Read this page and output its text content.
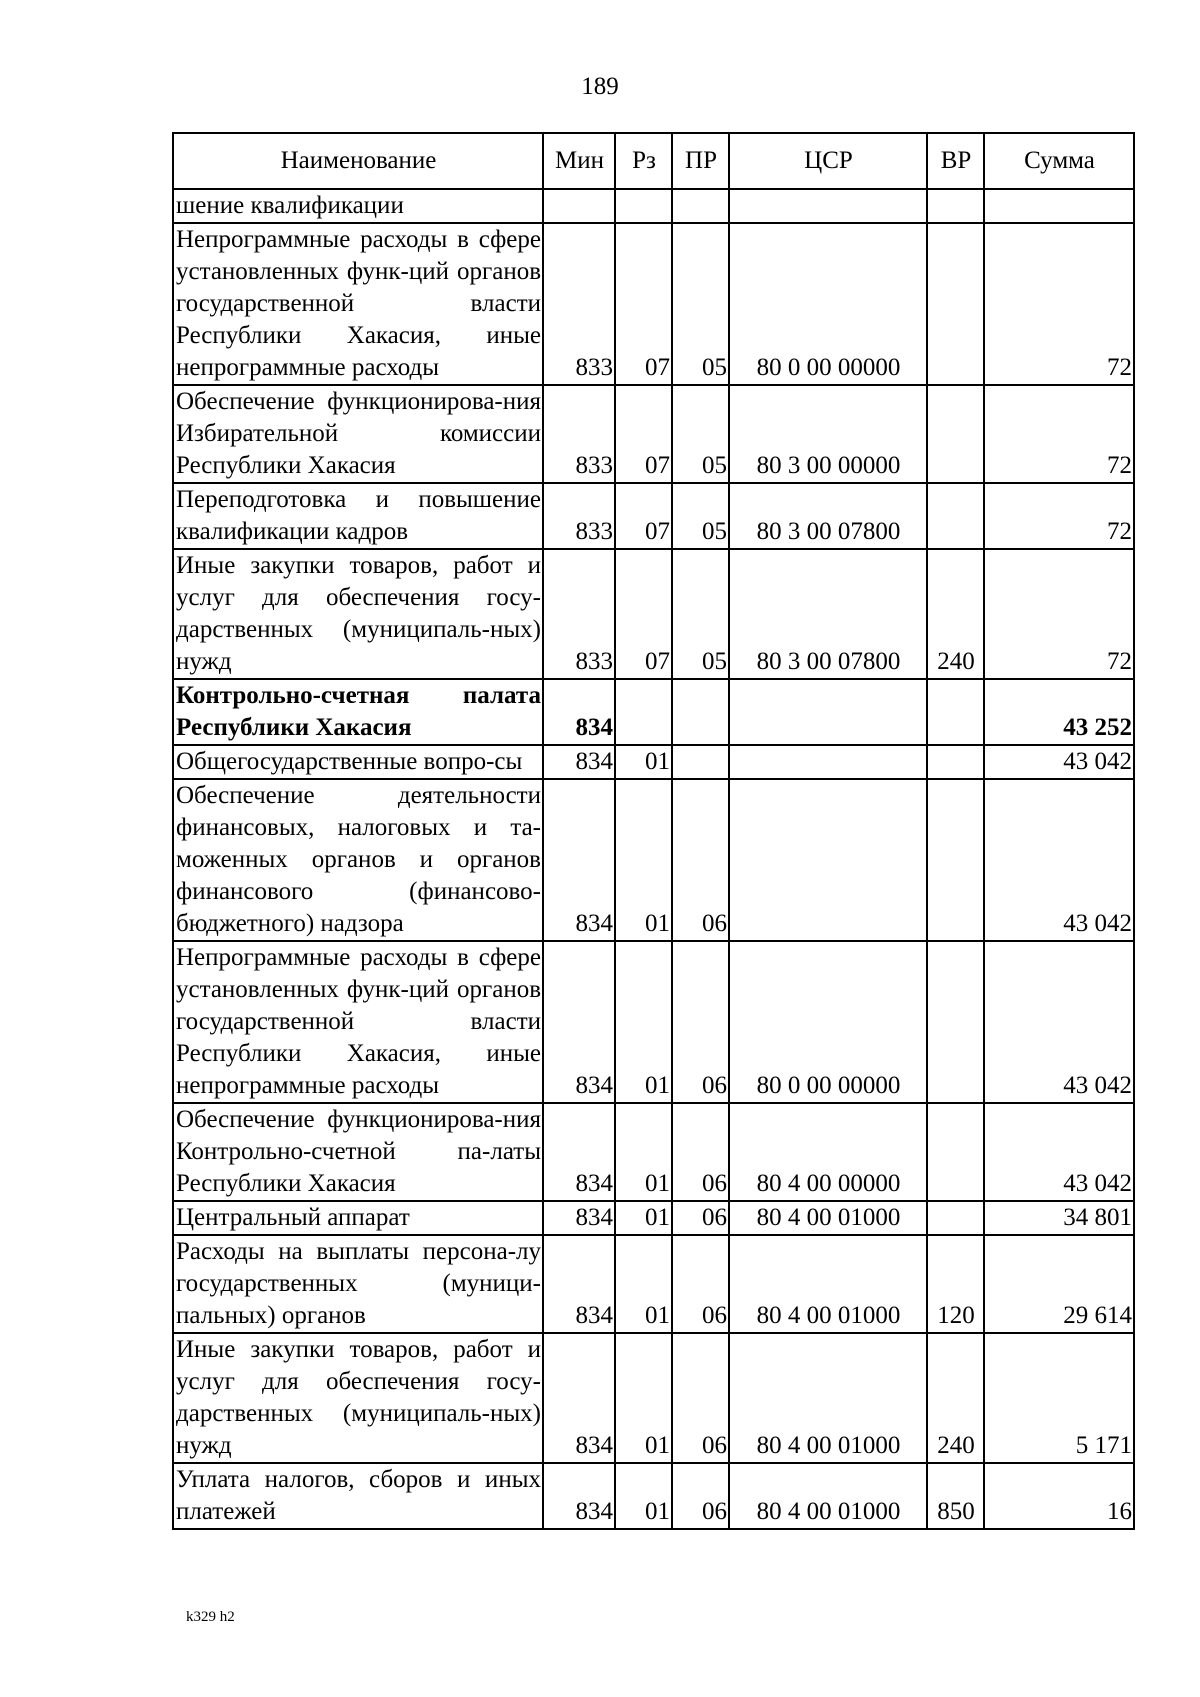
189
Наименование	Мин	Рз	ПР	ЦСР	ВР	Сумма
шение квалификации						
Непрограммные расходы в сфере установленных функ-ций органов государственной власти Республики Хакасия, иные непрограммные расходы	833	07	05	80 0 00 00000		72
Обеспечение функционирова-ния Избирательной комиссии Республики Хакасия	833	07	05	80 3 00 00000		72
Переподготовка и повышение квалификации кадров	833	07	05	80 3 00 07800		72
Иные закупки товаров, работ и услуг для обеспечения госу-дарственных (муниципаль-ных) нужд	833	07	05	80 3 00 07800	240	72
Контрольно-счетная палата Республики Хакасия	834					43 252
Общегосударственные вопро-сы	834	01				43 042
Обеспечение деятельности финансовых, налоговых и та-моженных органов и органов финансового (финансово-бюджетного) надзора	834	01	06			43 042
Непрограммные расходы в сфере установленных функ-ций органов государственной власти Республики Хакасия, иные непрограммные расходы	834	01	06	80 0 00 00000		43 042
Обеспечение функционирова-ния Контрольно-счетной па-латы Республики Хакасия	834	01	06	80 4 00 00000		43 042
Центральный аппарат	834	01	06	80 4 00 01000		34 801
Расходы на выплаты персона-лу государственных (муници-пальных) органов	834	01	06	80 4 00 01000	120	29 614
Иные закупки товаров, работ и услуг для обеспечения госу-дарственных (муниципаль-ных) нужд	834	01	06	80 4 00 01000	240	5 171
Уплата налогов, сборов и иных платежей	834	01	06	80 4 00 01000	850	16
k329 h2
